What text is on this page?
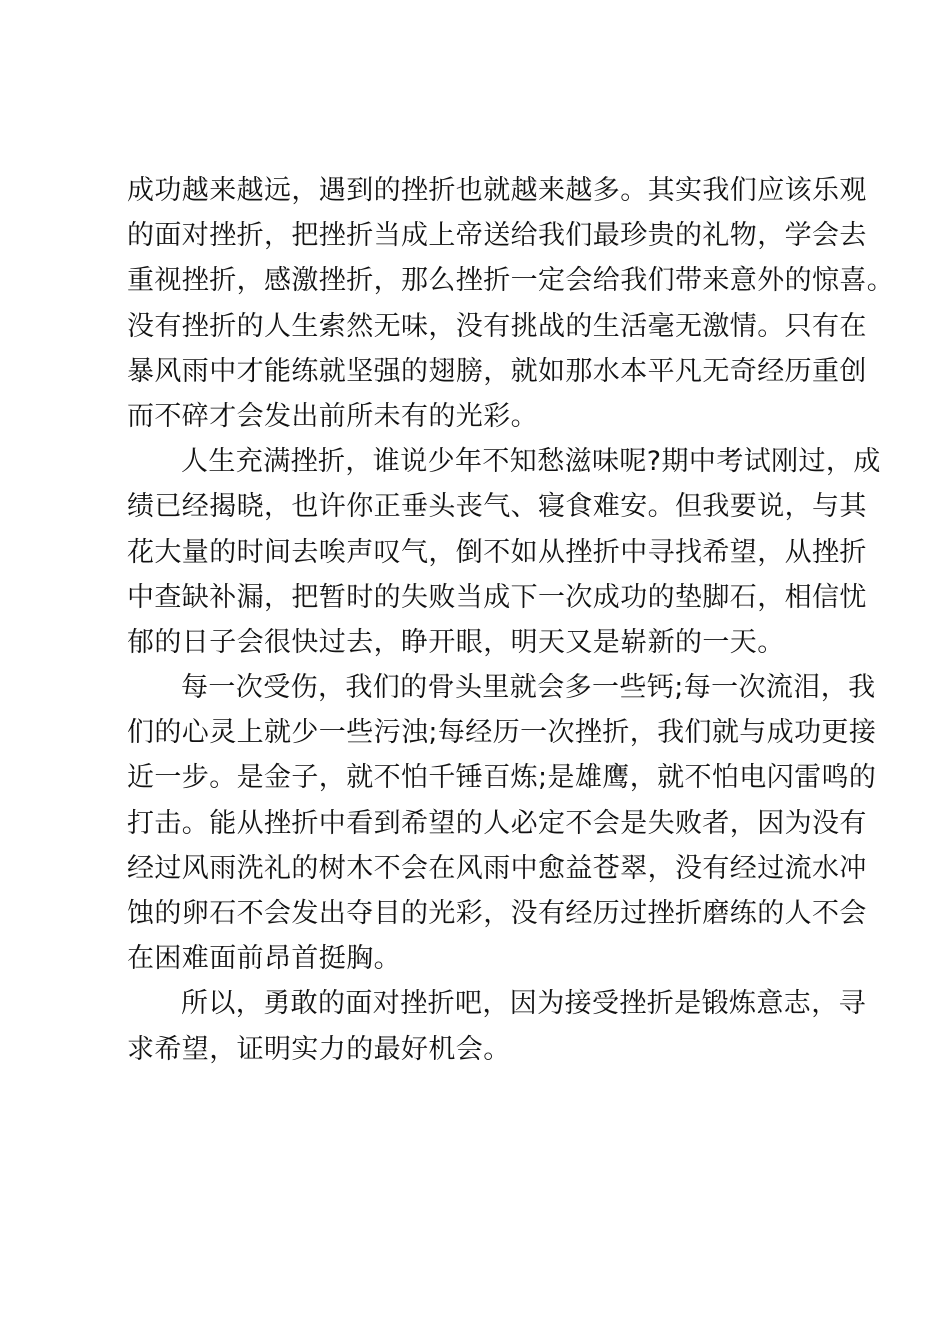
成功越来越远，遇到的挫折也就越来越多。其实我们应该乐观
的面对挫折，把挫折当成上帝送给我们最珍贵的礼物，学会去
重视挫折，感激挫折，那么挫折一定会给我们带来意外的惊喜。
没有挫折的人生索然无味，没有挑战的生活毫无激情。只有在
暴风雨中才能练就坚强的翅膀，就如那水本平凡无奇经历重创
而不碎才会发出前所未有的光彩。
人生充满挫折，谁说少年不知愁滋味呢?期中考试刚过，成
绩已经揭晓，也许你正垂头丧气、寝食难安。但我要说，与其
花大量的时间去唉声叹气，倒不如从挫折中寻找希望，从挫折
中查缺补漏，把暂时的失败当成下一次成功的垫脚石，相信忧
郁的日子会很快过去，睁开眼，明天又是崭新的一天。
每一次受伤，我们的骨头里就会多一些钙;每一次流泪，我
们的心灵上就少一些污浊;每经历一次挫折，我们就与成功更接
近一步。是金子，就不怕千锤百炼;是雄鹰，就不怕电闪雷鸣的
打击。能从挫折中看到希望的人必定不会是失败者，因为没有
经过风雨洗礼的树木不会在风雨中愈益苍翠，没有经过流水冲
蚀的卵石不会发出夺目的光彩，没有经历过挫折磨练的人不会
在困难面前昂首挺胸。
所以，勇敢的面对挫折吧，因为接受挫折是锻炼意志，寻
求希望，证明实力的最好机会。
